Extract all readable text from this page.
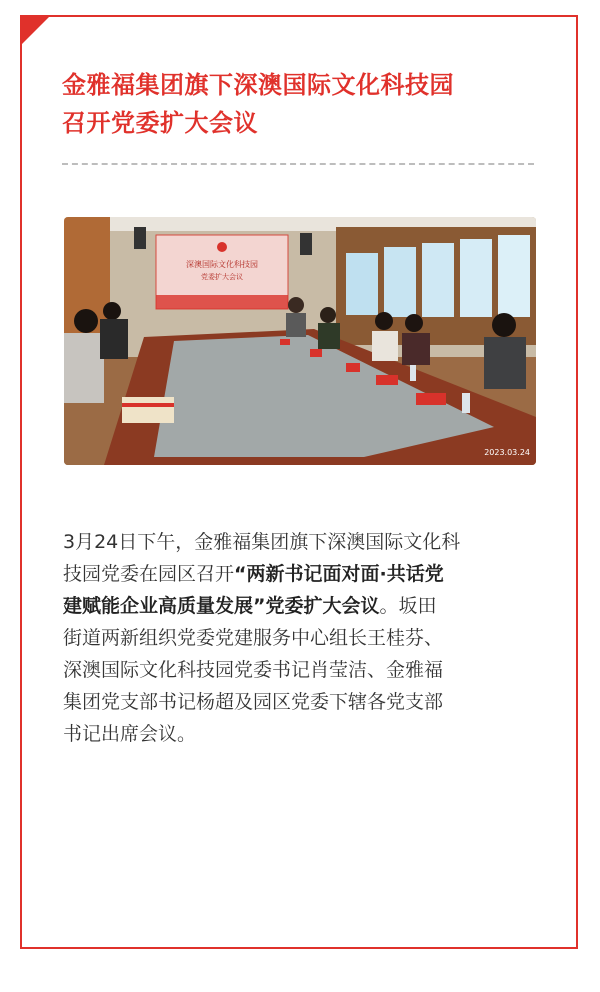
金雅福集团旗下深澳国际文化科技园
召开党委扩大会议
深澳国际文化科技园
党委扩大会议
2023.03.24
3月24日下午，金雅福集团旗下深澳国际文化科
技园党委在园区召开“两新书记面对面·共话党
建赋能企业高质量发展”党委扩大会议。坂田
街道两新组织党委党建服务中心组长王桂芬、
深澳国际文化科技园党委书记肖莹洁、金雅福
集团党支部书记杨超及园区党委下辖各党支部
书记出席会议。
